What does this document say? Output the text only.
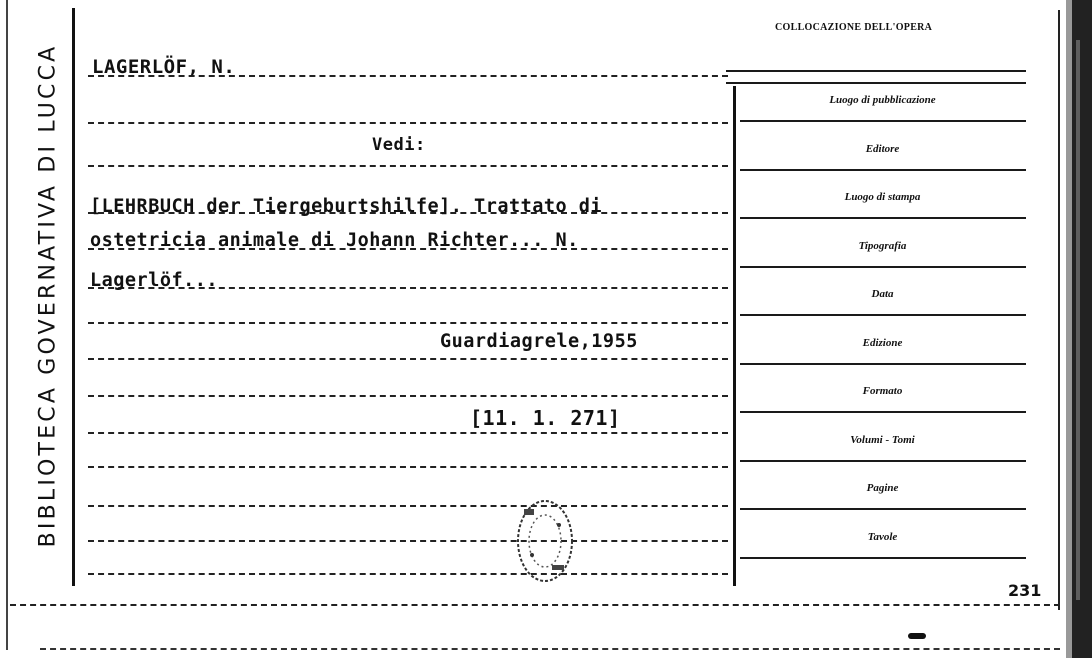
BIBLIOTECA GOVERNATIVA DI LUCCA LAGERLÖF, N.
Vedi:
[LEHRBUCH der Tiergeburtshilfe]. Trattato di
ostetricia animale di Johann Richter... N.
Lagerlöf...
Guardiagrele,1955
[11. 1. 271]
COLLOCAZIONE DELL'OPERA
Luogo di pubblicazione
Editore
Luogo di stampa
Tipografia
Data
Edizione
Formato
Volumi - Tomi
Pagine
Tavole
231
